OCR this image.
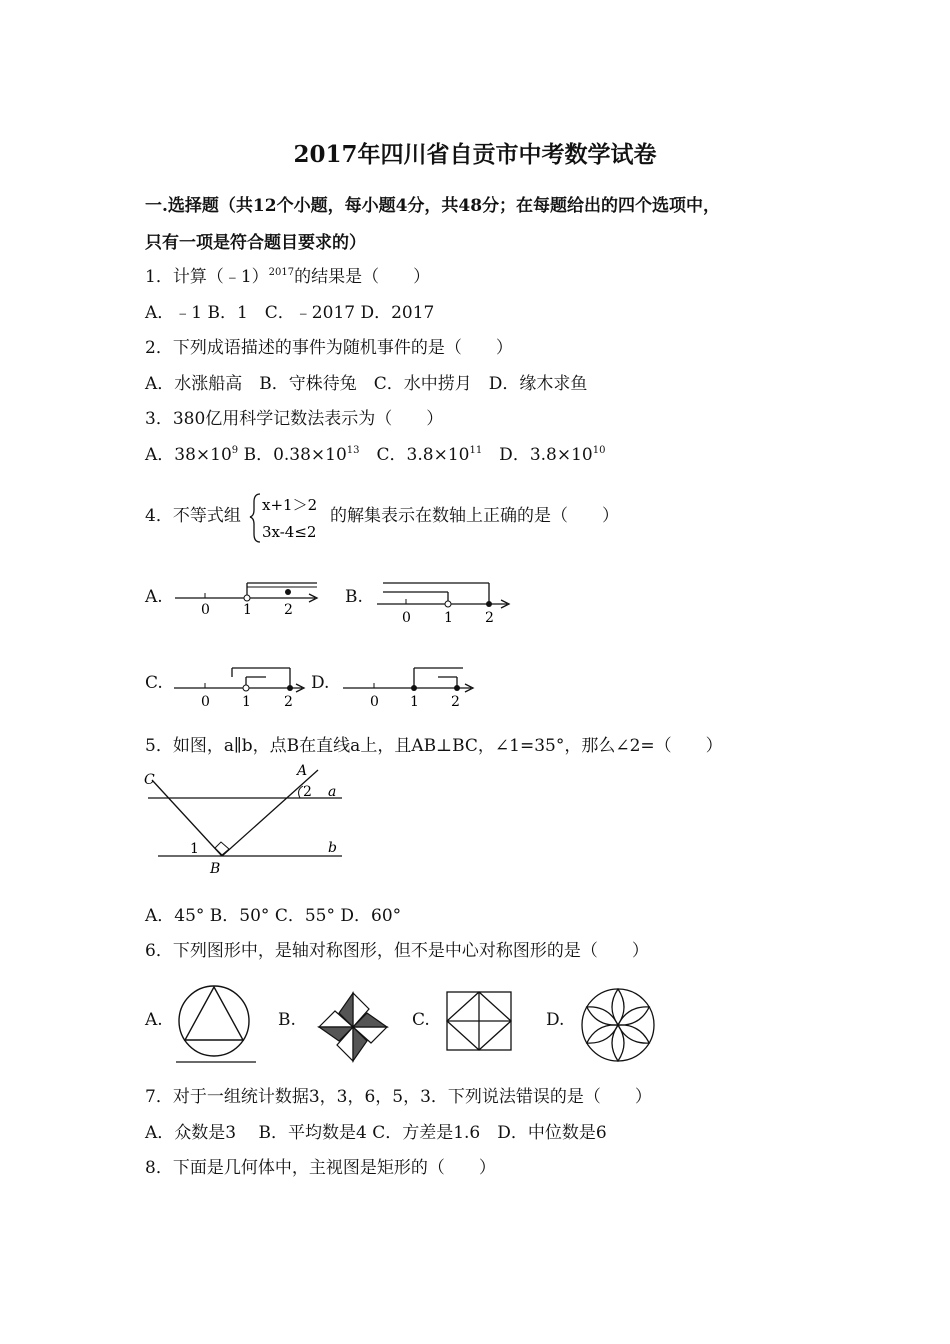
2017年四川省自贡市中考数学试卷
一.选择题（共12个小题，每小题4分，共48分；在每题给出的四个选项中，
只有一项是符合题目要求的）
1．计算（﹣1）$^{2017}$的结果是（　　）
A．﹣1 B．1　C．﹣2017 D．2017
2．下列成语描述的事件为随机事件的是（　　）
A．水涨船高　B．守株待兔　C．水中捞月　D．缘木求鱼
3．380亿用科学记数法表示为（　　）
A．$38\times 10^9$ B．$0.38\times 10^{13}$　C．$3.8\times 10^{11}$　D．$3.8\times 10^{10}$
4．不等式组
x+1＞2
3x-4≤2
的解集表示在数轴上正确的是（　　）
A.
0 1 2
B.
0 1 2
C.
0 1 2
D.
0 1 2
5．如图，a∥b，点B在直线a上，且AB⊥BC，∠1=35°，那么∠2=（　　）
C
A
a
b
B
1
2
A．45° B．50° C．55° D．60°
6．下列图形中，是轴对称图形，但不是中心对称图形的是（　　）
A.	B.	C.	D.
7．对于一组统计数据3，3，6，5，3．下列说法错误的是（　　）
A．众数是3　 B．平均数是4 C．方差是1.6　D．中位数是6
8．下面是几何体中，主视图是矩形的（　　）
